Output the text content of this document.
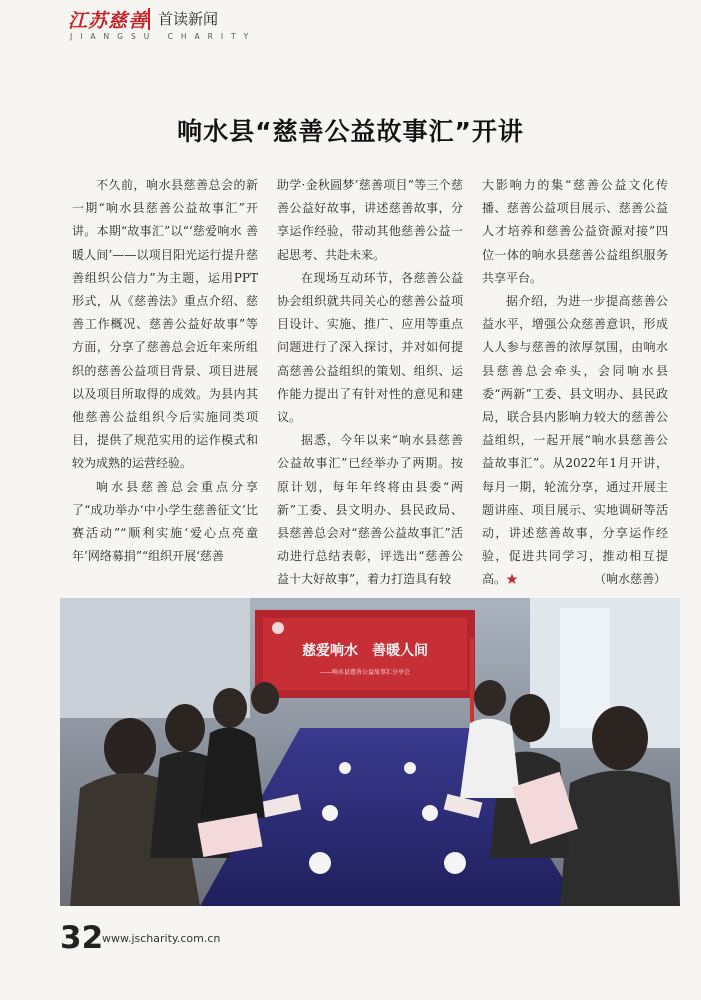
江苏慈善
JIANGSU CHARITY
首读新闻
响水县“慈善公益故事汇”开讲

不久前，响水县慈善总会的新一期“响水县慈善公益故事汇”开讲。本期“故事汇”以“‘慈爱响水 善暖人间’——以项目阳光运行提升慈善组织公信力”为主题，运用PPT形式，从《慈善法》重点介绍、慈善工作概况、慈善公益好故事”等方面，分享了慈善总会近年来所组织的慈善公益项目背景、项目进展以及项目所取得的成效。为县内其他慈善公益组织今后实施同类项目，提供了规范实用的运作模式和较为成熟的运营经验。

响水县慈善总会重点分享了“成功举办‘中小学生慈善征文’比赛活动”“顺利实施‘爱心点亮童年’网络募捐”“组织开展‘慈善

助学·金秋圆梦’慈善项目”等三个慈善公益好故事，讲述慈善故事，分享运作经验，带动其他慈善公益一起思考、共赴未来。

在现场互动环节，各慈善公益协会组织就共同关心的慈善公益项目设计、实施、推广、应用等重点问题进行了深入探讨，并对如何提高慈善公益组织的策划、组织、运作能力提出了有针对性的意见和建议。

据悉，今年以来“响水县慈善公益故事汇”已经举办了两期。按原计划，每年年终将由县委“两新”工委、县文明办、县民政局、县慈善总会对“慈善公益故事汇”活动进行总结表彰，评选出“慈善公益十大好故事”，着力打造具有较

大影响力的集“慈善公益文化传播、慈善公益项目展示、慈善公益人才培养和慈善公益资源对接”四位一体的响水县慈善公益组织服务共享平台。

据介绍，为进一步提高慈善公益水平，增强公众慈善意识，形成人人参与慈善的浓厚氛围，由响水县慈善总会牵头，会同响水县委“两新”工委、县文明办、县民政局，联合县内影响力较大的慈善公益组织，一起开展“响水县慈善公益故事汇”。从2022年1月开讲，每月一期，轮流分享，通过开展主题讲座、项目展示、实地调研等活动，讲述慈善故事，分享运作经验，促进共同学习，推动相互提高。★	（响水慈善）

慈爱响水　善暖人间
——响水县慈善公益故事汇分享会
32
www.jscharity.com.cn
